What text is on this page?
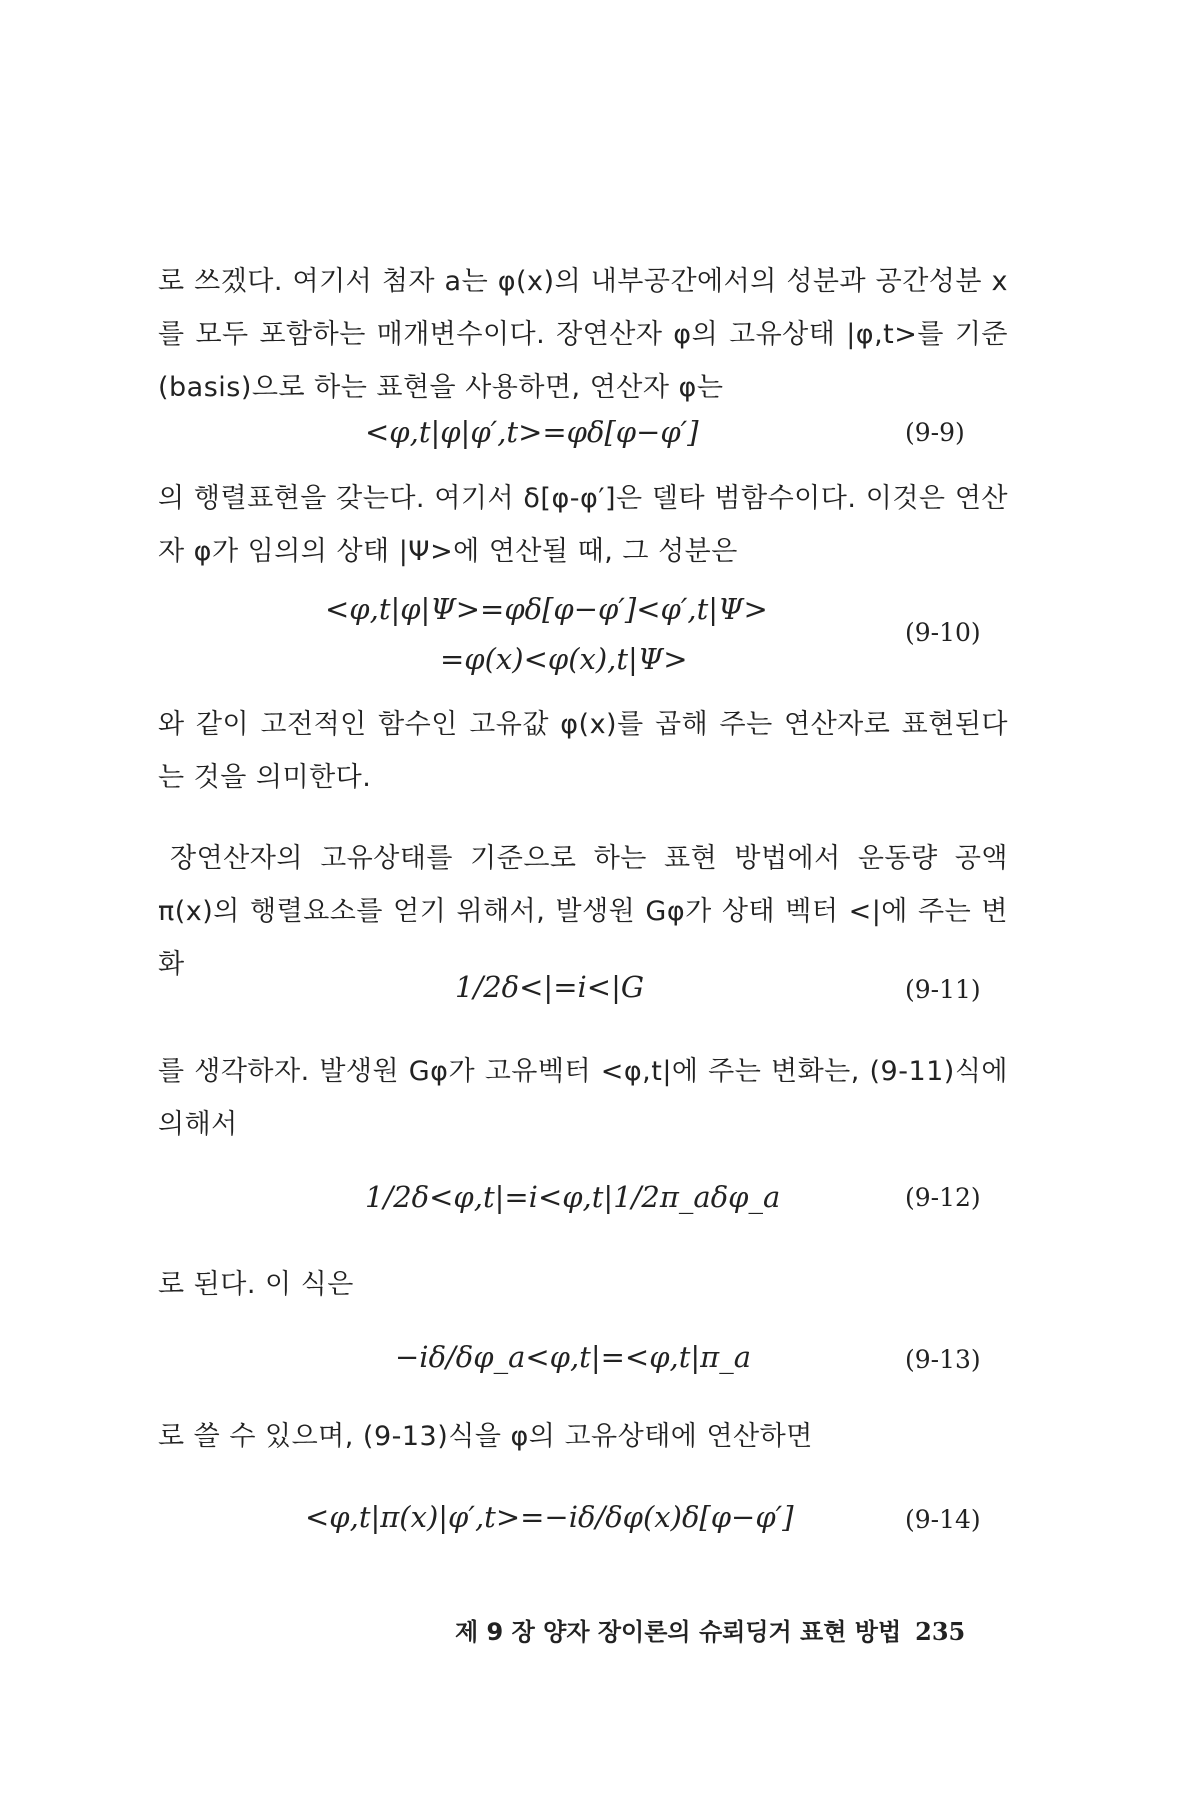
로 쓰겠다. 여기서 첨자 a는 φ(x)의 내부공간에서의 성분과 공간성분 x를 모두 포함하는 매개변수이다. 장연산자 φ의 고유상태 |φ,t>를 기준 (basis)으로 하는 표현을 사용하면, 연산자 φ는
<φ,t|φ|φ′,t>=φδ[φ−φ′]	(9-9)
의 행렬표현을 갖는다. 여기서 δ[φ-φ′]은 델타 범함수이다. 이것은 연산자 φ가 임의의 상태 |Ψ>에 연산될 때, 그 성분은
<φ,t|φ|Ψ>=φδ[φ−φ′]<φ′,t|Ψ>
=φ(x)<φ(x),t|Ψ>
(9-10)
와 같이 고전적인 함수인 고유값 φ(x)를 곱해 주는 연산자로 표현된다는 것을 의미한다.
장연산자의 고유상태를 기준으로 하는 표현 방법에서 운동량 공액 π(x)의 행렬요소를 얻기 위해서, 발생원 Gφ가 상태 벡터 <|에 주는 변화
1/2δ<|=i<|G	(9-11)
를 생각하자. 발생원 Gφ가 고유벡터 <φ,t|에 주는 변화는, (9-11)식에 의해서
1/2δ<φ,t|=i<φ,t|1/2π_aδφ_a	(9-12)
로 된다. 이 식은
−iδ/δφ_a<φ,t|=<φ,t|π_a	(9-13)
로 쓸 수 있으며, (9-13)식을 φ의 고유상태에 연산하면
<φ,t|π(x)|φ′,t>=−iδ/δφ(x)δ[φ−φ′]	(9-14)
제 9 장 양자 장이론의 슈뢰딩거 표현 방법 235
